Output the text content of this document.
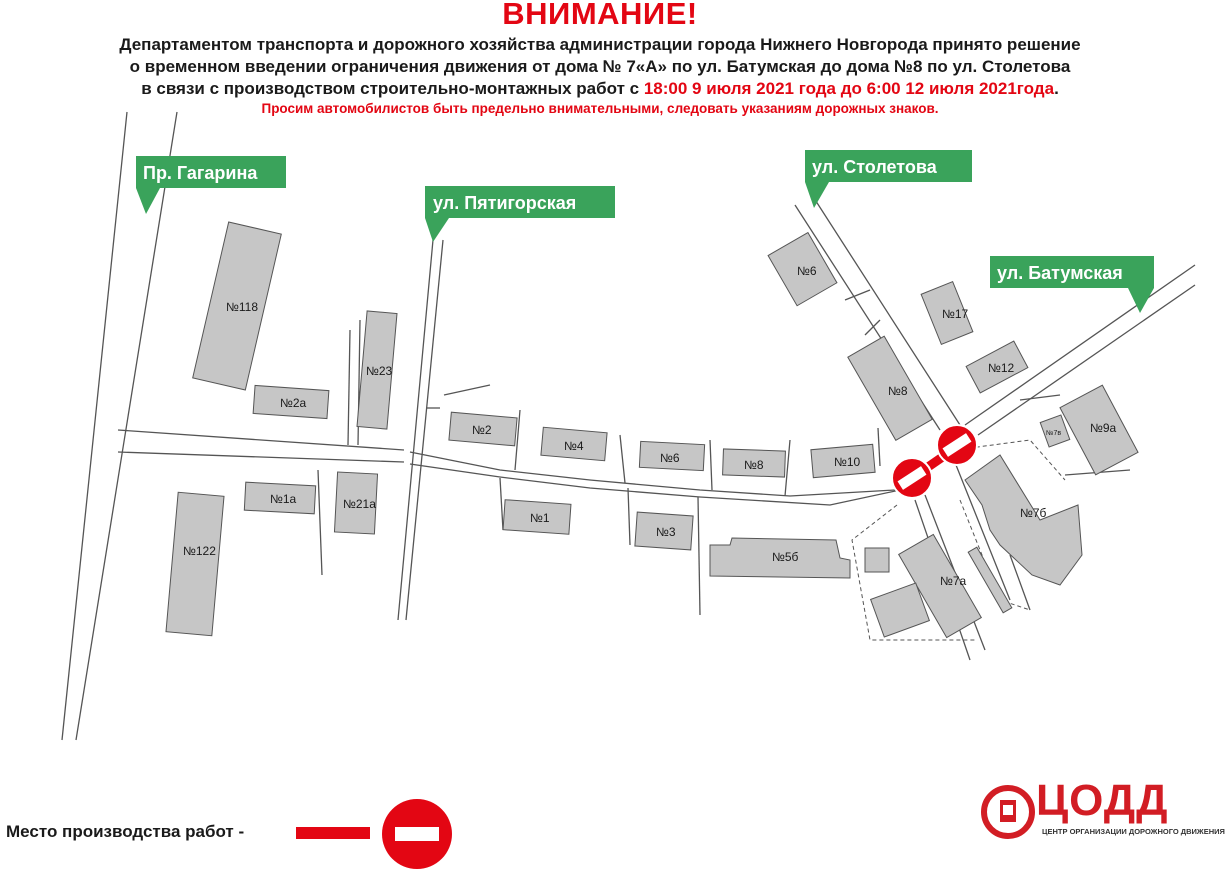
№118
№2а
№23
№2
№4
№6	№8	№10
№6
№8
№17
№12
№7в №9а
№7б
№7а
№122
№1а	№21а
№1
№3
№5б
Пр. Гагарина
ул. Пятигорская
ул. Столетова
ул. Батумская
ВНИМАНИЕ!
Департаментом транспорта и дорожного хозяйства администрации города Нижнего Новгорода принято решение
о временном введении ограничения движения от дома № 7«А» по ул. Батумская до дома №8 по ул. Столетова
в связи с производством строительно-монтажных работ с 18:00 9 июля 2021 года до 6:00 12 июля 2021года.
Просим автомобилистов быть предельно внимательными, следовать указаниям дорожных знаков.
Место производства работ -
ЦОДД
ЦЕНТР ОРГАНИЗАЦИИ ДОРОЖНОГО ДВИЖЕНИЯ
